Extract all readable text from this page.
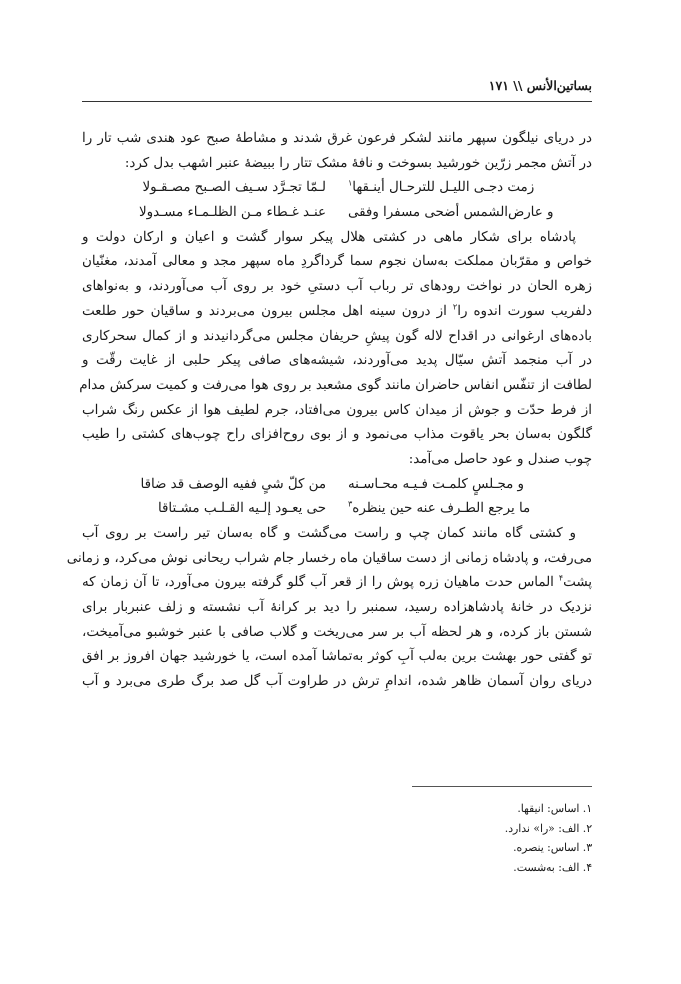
بساتین‌الأنس \\ ۱۷۱
در دریای نیلگون سپهر مانند لشکر فرعون غرق شدند و مشاطهٔ صبح عود هندی شب تار را
در آتش مجمر زرّین خورشید بسوخت و نافهٔ مشک تتار را ببیضهٔ عنبر اشهب بدل کرد:
زمت دجـی اللیـل للترحـال أینـقها$^۱$
لـمّا تجـرَّد سـیف الصـبح مصـقـولا
و عارض‌الشمس أضحی مسفرا وفقی
عنـد غـطاء مـن الظلـمـاء مسـدولا
پادشاه برای شکار ماهی در کشتی هلال پیکر سوار گشت و اعیان و ارکان دولت و
خواص و مقرّبان مملکت به‌سان نجوم سما گرداگردِ ماه سپهر مجد و معالی آمدند، مغنّیان
زهره الحان در نواخت رودهای تر رباب آب دستیِ خود بر روی آب می‌آوردند، و به‌نواهای
دلفریب سورت اندوه را$^۲$ از درون سینه اهل مجلس بیرون می‌بردند و ساقیان حور طلعت
باده‌های ارغوانی در اقداح لاله گون پیشِ حریفان مجلس می‌گردانیدند و از کمال سحرکاری
در آب منجمد آتش سیّال پدید می‌آوردند، شیشه‌های صافی پیکر حلبی از غایت رقّت و
لطافت از تنفّس انفاس حاضران مانند گوی مشعبد بر روی هوا می‌رفت و کمیت سرکش مدام
از فرط حدّت و جوش از میدان کاس بیرون می‌افتاد، جرم لطیف هوا از عکس رنگ شراب
گلگون به‌سان بحر یاقوت مذاب می‌نمود و از بوی روح‌افزای راح چوب‌های کشتی را طیب
چوب صندل و عود حاصل می‌آمد:
و مجـلسٍ کلمـت فـیـه محـاسـنه
من کلّ شیٍ ففیه الوصف قد ضاقا
ما یرجع الطـرف عنه حین ینظره$^۳$
حی یعـود إلـیه القـلـب مشـتاقا
و کشتی گاه مانند کمان چپ و راست می‌گشت و گاه به‌سان تیر راست بر روی آب
می‌رفت، و پادشاه زمانی از دست ساقیان ماه رخسار جام شراب ریحانی نوش می‌کرد، و زمانی
پشت$^۴$ الماس حدت ماهیان زره پوش را از قعر آب گلو گرفته بیرون می‌آورد، تا آن زمان که
نزدیک در خانهٔ پادشاهزاده رسید، سمنبر را دید بر کرانهٔ آب نشسته و زلف عنبربار برای
شستن باز کرده، و هر لحظه آب بر سر می‌ریخت و گلاب صافی با عنبر خوشبو می‌آمیخت،
تو گفتی حور بهشت برین به‌لب آبِ کوثر به‌تماشا آمده است، یا خورشید جهان افروز بر افق
دریای روان آسمان ظاهر شده، اندامِ ترش در طراوت آب گل صد برگ طری می‌برد و آب
۱. اساس: انیقها.
۲. الف: «را» ندارد.
۳. اساس: ینصره.
۴. الف: به‌شست.
